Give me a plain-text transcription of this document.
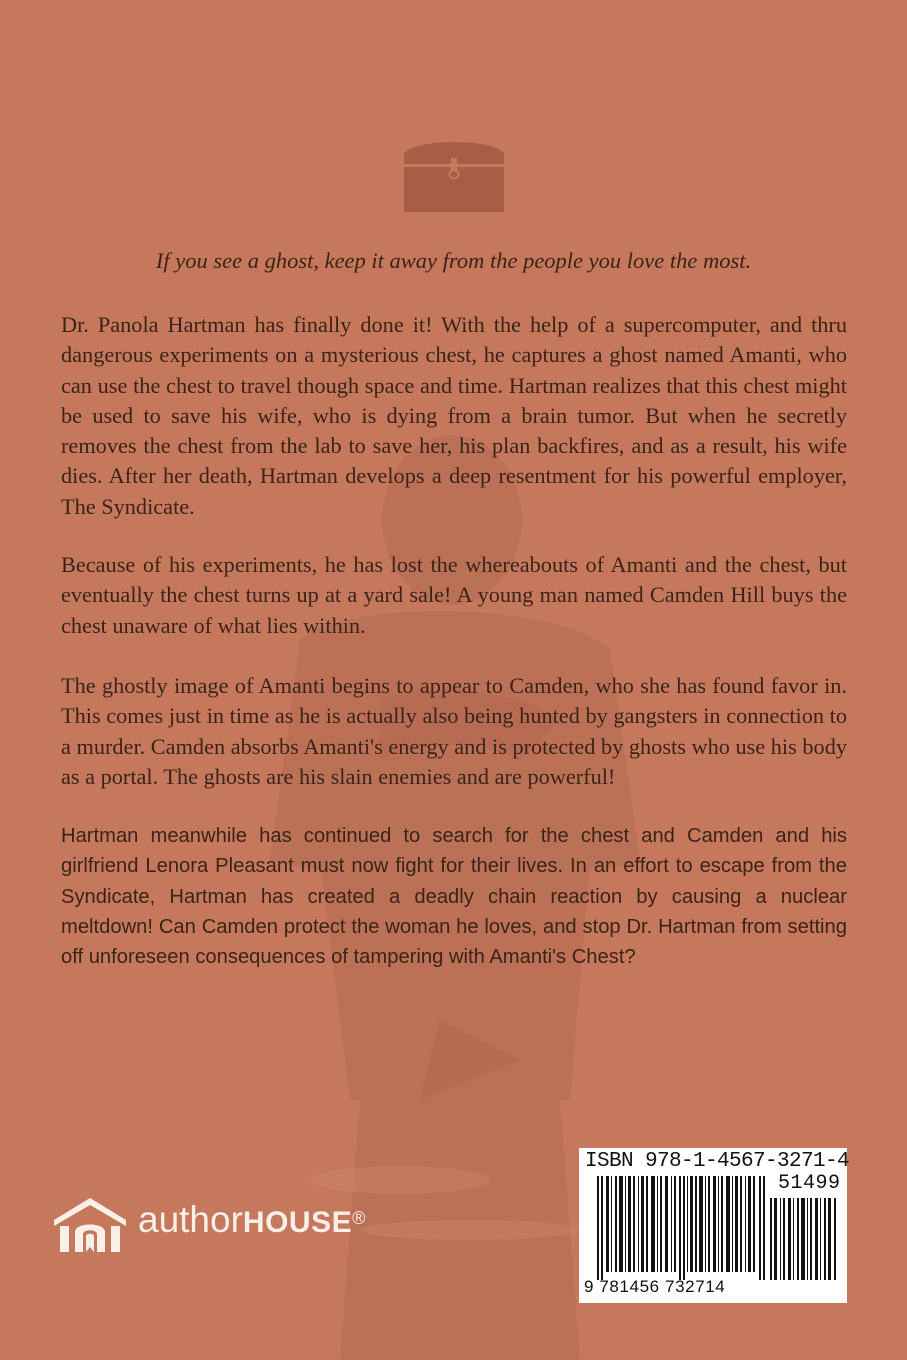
If you see a ghost, keep it away from the people you love the most.

Dr. Panola Hartman has finally done it! With the help of a supercomputer, and thru dangerous experiments on a mysterious chest, he captures a ghost named Amanti, who can use the chest to travel though space and time. Hartman realizes that this chest might be used to save his wife, who is dying from a brain tumor. But when he secretly removes the chest from the lab to save her, his plan backfires, and as a result, his wife dies. After her death, Hartman develops a deep resentment for his powerful employer, The Syndicate.

Because of his experiments, he has lost the whereabouts of Amanti and the chest, but eventually the chest turns up at a yard sale! A young man named Camden Hill buys the chest unaware of what lies within.

The ghostly image of Amanti begins to appear to Camden, who she has found favor in. This comes just in time as he is actually also being hunted by gangsters in connection to a murder. Camden absorbs Amanti's energy and is protected by ghosts who use his body as a portal. The ghosts are his slain enemies and are powerful!

Hartman meanwhile has continued to search for the chest and Camden and his girlfriend Lenora Pleasant must now fight for their lives. In an effort to escape from the Syndicate, Hartman has created a deadly chain reaction by causing a nuclear meltdown! Can Camden protect the woman he loves, and stop Dr. Hartman from setting off unforeseen consequences of tampering with Amanti's Chest?

authorHOUSE®
ISBN 978-1-4567-3271-4
51499
9 781456 732714
